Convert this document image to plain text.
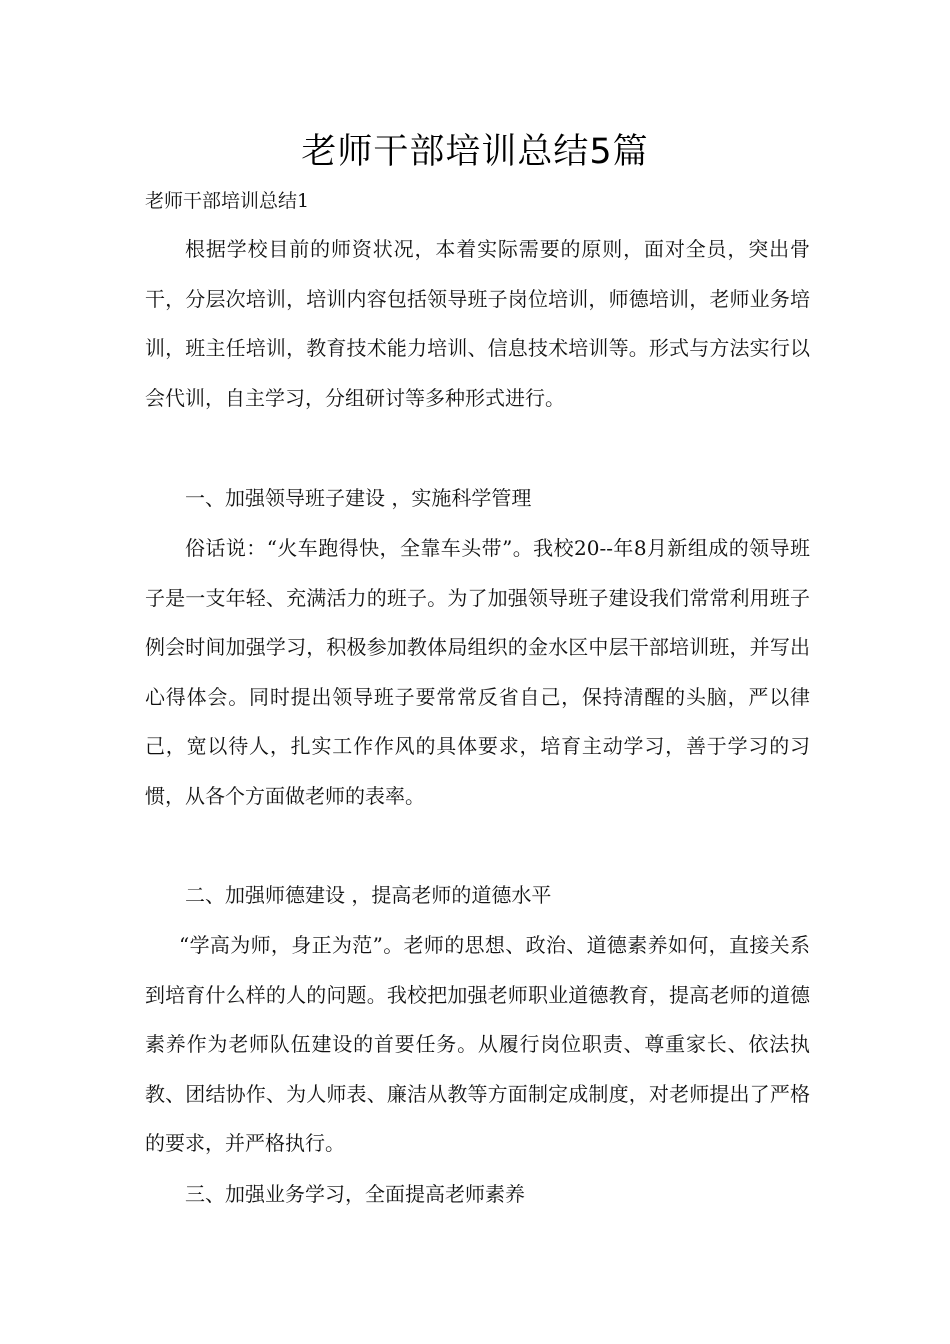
老师干部培训总结5篇

老师干部培训总结1

根据学校目前的师资状况，本着实际需要的原则，面对全员，突出骨干，分层次培训，培训内容包括领导班子岗位培训，师德培训，老师业务培训，班主任培训，教育技术能力培训、信息技术培训等。形式与方法实行以会代训，自主学习，分组研讨等多种形式进行。

一、加强领导班子建设 ，实施科学管理

俗话说：“火车跑得快，全靠车头带”。我校20--年8月新组成的领导班子是一支年轻、充满活力的班子。为了加强领导班子建设我们常常利用班子例会时间加强学习，积极参加教体局组织的金水区中层干部培训班，并写出心得体会。同时提出领导班子要常常反省自己，保持清醒的头脑，严以律己，宽以待人，扎实工作作风的具体要求，培育主动学习，善于学习的习惯，从各个方面做老师的表率。

二、加强师德建设 ，提高老师的道德水平

“学高为师，身正为范”。老师的思想、政治、道德素养如何，直接关系到培育什么样的人的问题。我校把加强老师职业道德教育，提高老师的道德素养作为老师队伍建设的首要任务。从履行岗位职责、尊重家长、依法执教、团结协作、为人师表、廉洁从教等方面制定成制度，对老师提出了严格的要求，并严格执行。

三、加强业务学习，全面提高老师素养
